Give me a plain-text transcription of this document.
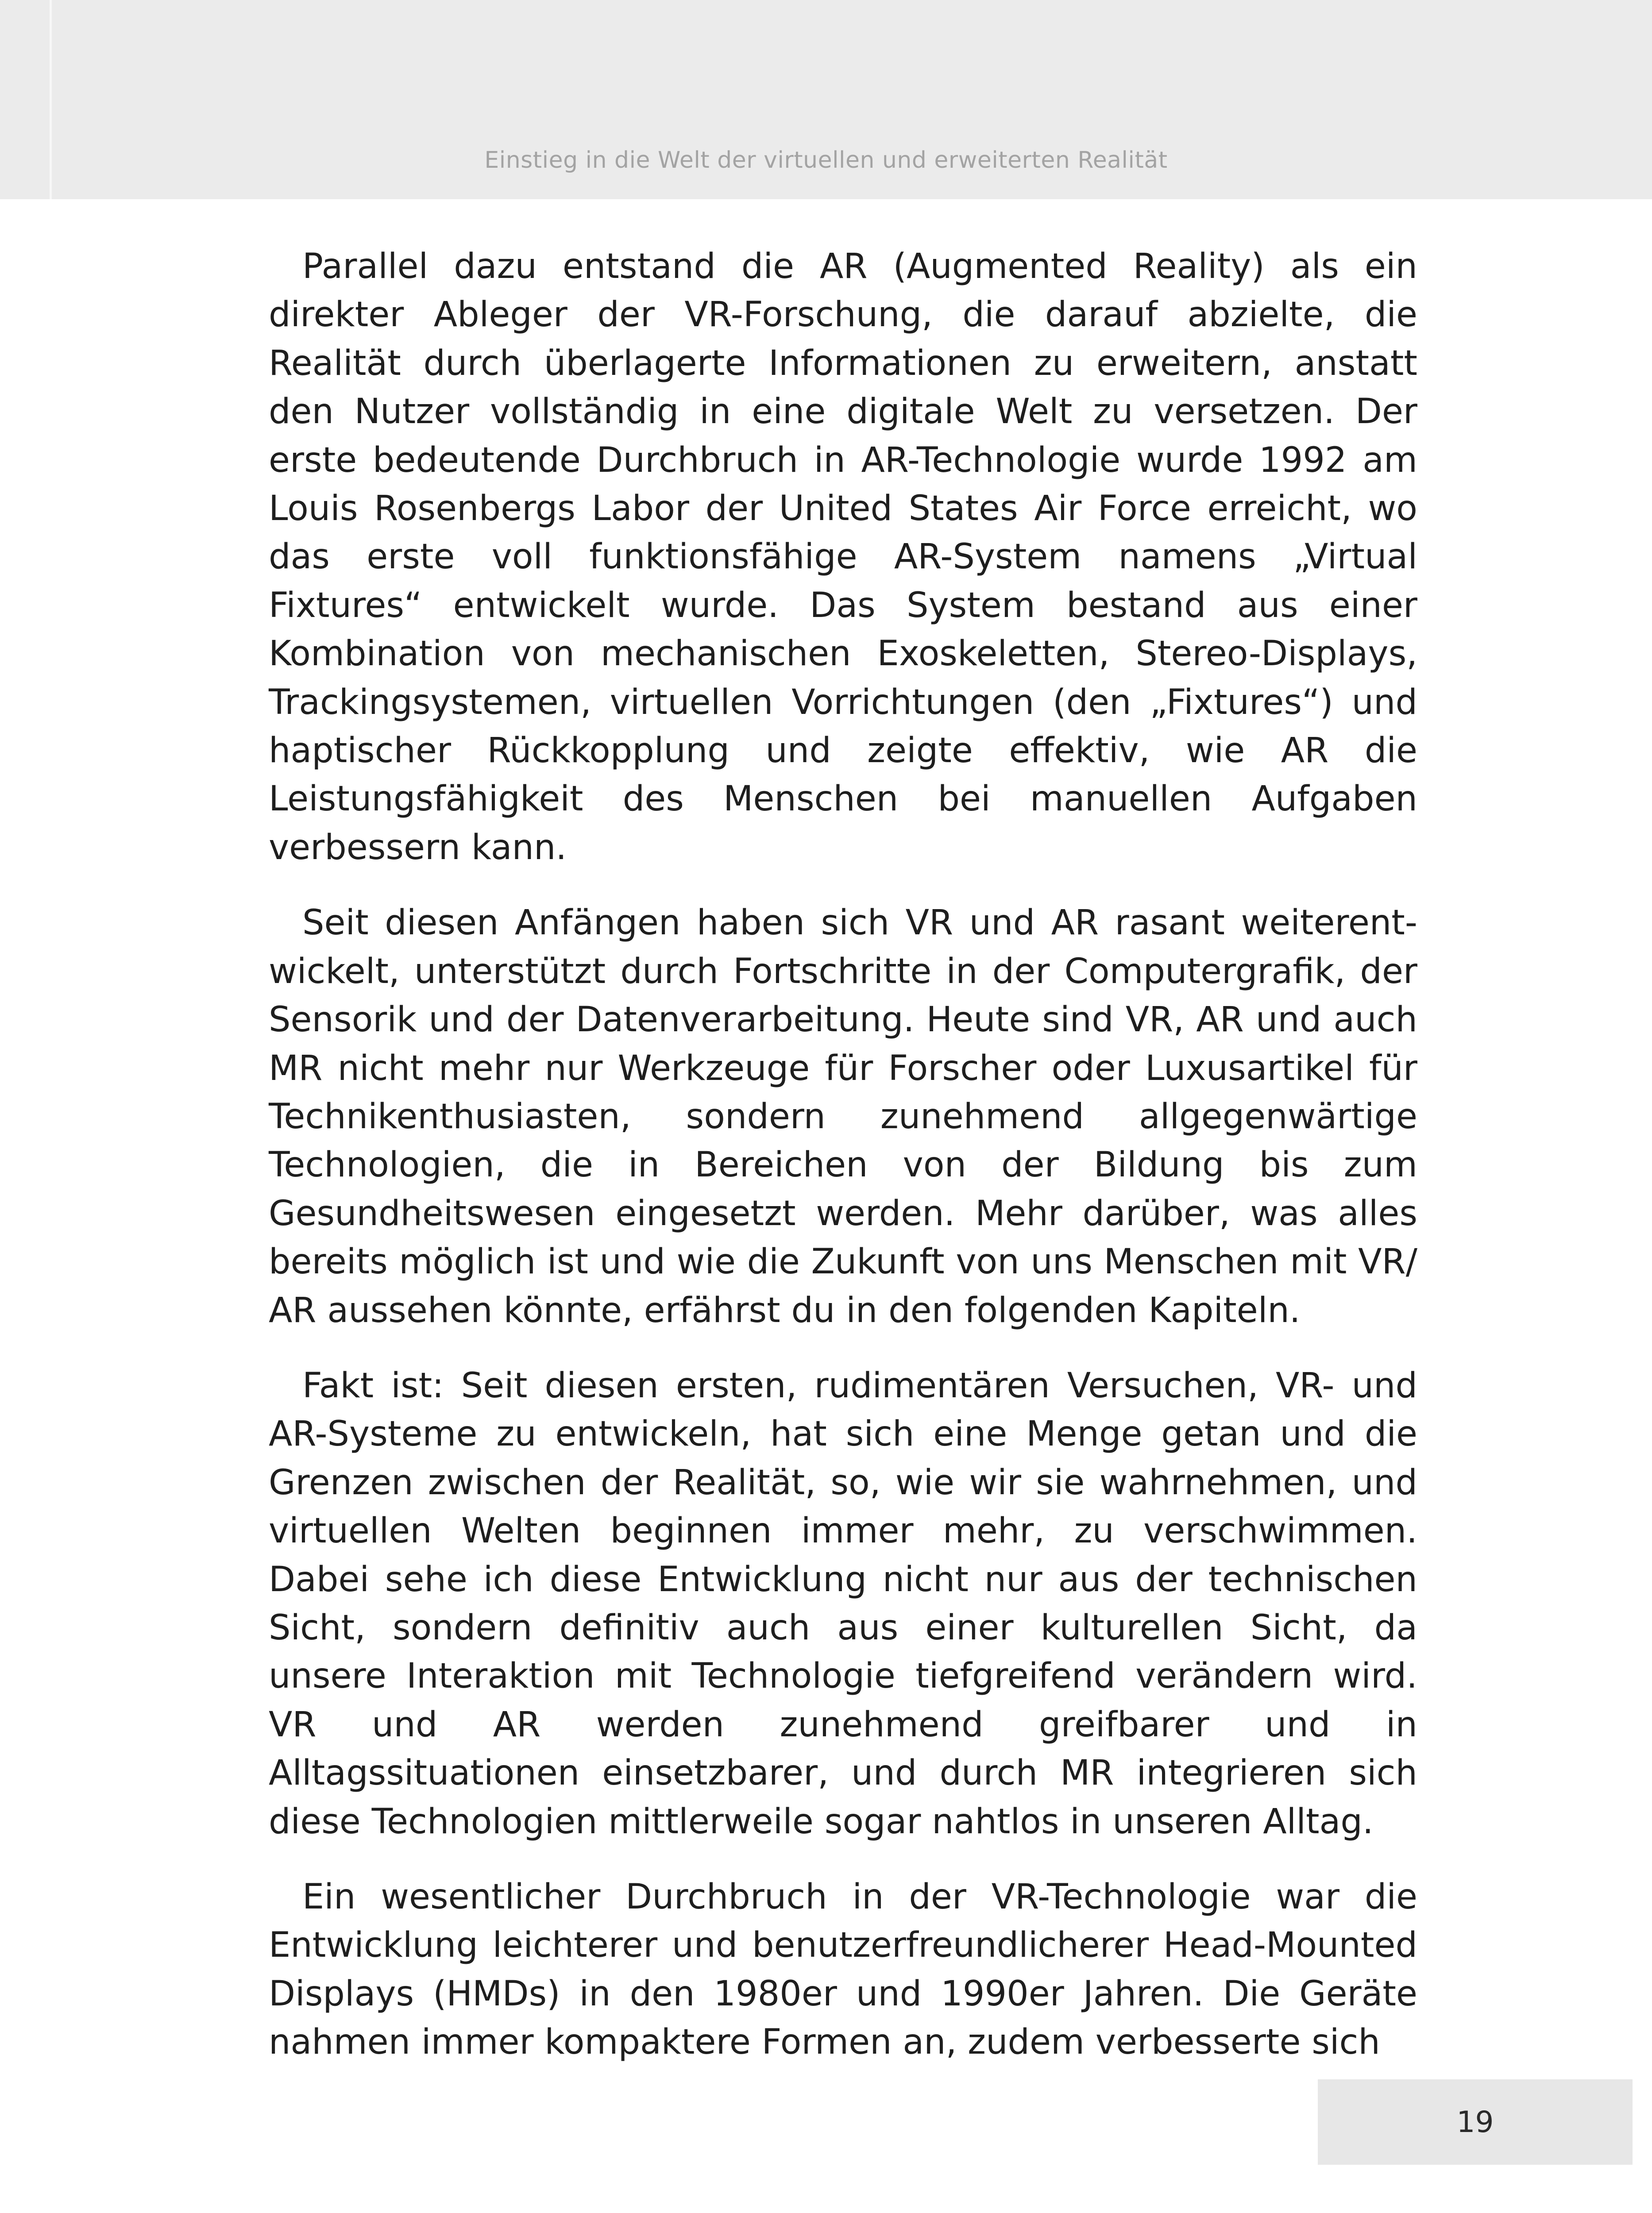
Einstieg in die Welt der virtuellen und erweiterten Realität

Parallel dazu entstand die AR (Augmented Reality) als ein direkter Ableger der VR-Forschung, die darauf abzielte, die Realität durch überlagerte Informationen zu erweitern, anstatt den Nutzer vollständig in eine digitale Welt zu versetzen. Der erste bedeutende Durchbruch in AR-Technologie wurde 1992 am Louis Rosenbergs Labor der United States Air Force erreicht, wo das erste voll funktionsfähige AR-System namens „Virtual Fixtures“ entwickelt wurde. Das System bestand aus einer Kombination von mechanischen Exoskeletten, Stereo-Displays, Trackingsystemen, virtuellen Vorrichtungen (den „Fixtures“) und haptischer Rückkopplung und zeigte effektiv, wie AR die Leistungsfähigkeit des Menschen bei manuellen Aufgaben verbessern kann.

Seit diesen Anfängen haben sich VR und AR rasant weiterentwickelt, unterstützt durch Fortschritte in der Computergrafik, der Sensorik und der Datenverarbeitung. Heute sind VR, AR und auch MR nicht mehr nur Werkzeuge für Forscher oder Luxusartikel für Technikenthusiasten, sondern zunehmend allgegenwärtige Technologien, die in Bereichen von der Bildung bis zum Gesundheitswesen eingesetzt werden. Mehr darüber, was alles bereits möglich ist und wie die Zukunft von uns Menschen mit VR/​AR aussehen könnte, erfährst du in den folgenden Kapiteln.

Fakt ist: Seit diesen ersten, rudimentären Versuchen, VR- und AR-Systeme zu entwickeln, hat sich eine Menge getan und die Grenzen zwischen der Realität, so, wie wir sie wahrnehmen, und virtuellen Welten beginnen immer mehr, zu verschwimmen. Dabei sehe ich diese Entwicklung nicht nur aus der technischen Sicht, sondern definitiv auch aus einer kulturellen Sicht, da unsere Interaktion mit Technologie tiefgreifend verändern wird. VR und AR werden zunehmend greifbarer und in Alltagssituationen einsetzbarer, und durch MR integrieren sich diese Technologien mittlerweile sogar nahtlos in unseren Alltag.

Ein wesentlicher Durchbruch in der VR-Technologie war die Entwicklung leichterer und benutzerfreundlicherer Head-Mounted Displays (HMDs) in den 1980er und 1990er Jahren. Die Geräte nahmen immer kompaktere Formen an, zudem verbesserte sich

19
